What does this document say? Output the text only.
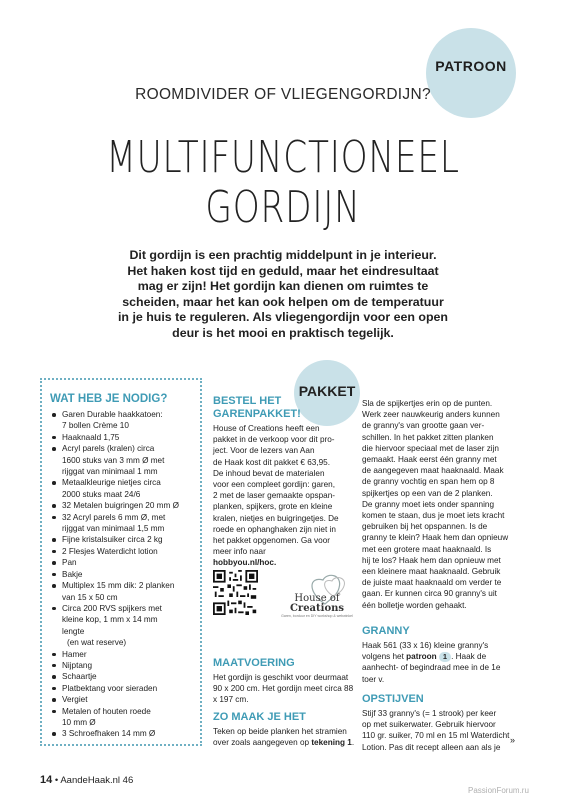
PATROON
ROOMDIVIDER OF VLIEGENGORDIJN?
MULTIFUNCTIONEEL
GORDIJN
Dit gordijn is een prachtig middelpunt in je interieur.
Het haken kost tijd en geduld, maar het eindresultaat
mag er zijn! Het gordijn kan dienen om ruimtes te
scheiden, maar het kan ook helpen om de temperatuur
in je huis te reguleren. Als vliegengordijn voor een open
deur is het mooi en praktisch tegelijk.
WAT HEB JE NODIG?
Garen Durable haakkatoen:
7 bollen Crème 10
Haaknaald 1,75
Acryl parels (kralen) circa
1600 stuks van 3 mm Ø met
rijggat van minimaal 1 mm
Metaalkleurige nietjes circa
2000 stuks maat 24/6
32 Metalen buigringen 20 mm Ø
32 Acryl parels 6 mm Ø, met
rijggat van minimaal 1,5 mm
Fijne kristalsuiker circa 2 kg
2 Flesjes Waterdicht lotion
Pan
Bakje
Multiplex 15 mm dik: 2 planken
van 15 x 50 cm
Circa 200 RVS spijkers met
kleine kop, 1 mm x 14 mm
lengte
(en wat reserve)
Hamer
Nijptang
Schaartje
Platbektang voor sieraden
Vergiet
Metalen of houten roede
10 mm Ø
3 Schroefhaken 14 mm Ø
PAKKET
BESTEL HET
GARENPAKKET!
House of Creations heeft een
pakket in de verkoop voor dit pro-
ject. Voor de lezers van Aan
de Haak kost dit pakket € 63,95.
De inhoud bevat de materialen
voor een compleet gordijn: garen,
2 met de laser gemaakte opspan-
planken, spijkers, grote en kleine
kralen, nietjes en buigringetjes. De
roede en ophanghaken zijn niet in
het pakket opgenomen. Ga voor
meer info naar
hobbyou.nl/hoc.
House of
Creations
Garen, borduur en DIY workshop & webwinkel
MAATVOERING
Het gordijn is geschikt voor deurmaat
90 x 200 cm. Het gordijn meet circa 88
x 197 cm.
Sla de spijkertjes erin op de punten.
Werk zeer nauwkeurig anders kunnen
de granny's van grootte gaan ver-
schillen. In het pakket zitten planken
die hiervoor speciaal met de laser zijn
gemaakt. Haak eerst één granny met
de aangegeven maat haaknaald. Maak
de granny vochtig en span hem op 8
spijkertjes op een van de 2 planken.
De granny moet iets onder spanning
komen te staan, dus je moet iets kracht
gebruiken bij het opspannen. Is de
granny te klein? Haak hem dan opnieuw
met een grotere maat haaknaald. Is
hij te los? Haak hem dan opnieuw met
een kleinere maat haaknaald. Gebruik
de juiste maat haaknaald om verder te
gaan. Er kunnen circa 90 granny's uit
één bolletje worden gehaakt.
GRANNY
Haak 561 (33 x 16) kleine granny's
volgens het patroon 1 . Haak de
aanhecht- of begindraad mee in de 1e
toer v.
OPSTIJVEN
Stijf 33 granny's (= 1 strook) per keer
op met suikerwater. Gebruik hiervoor
110 gr. suiker, 70 ml en 15 ml Waterdicht
Lotion. Pas dit recept alleen aan als je
»
14 • AandeHaak.nl 46
PassionForum.ru
ZO MAAK JE HET
Teken op beide planken het stramien
over zoals aangegeven op tekening 1.
